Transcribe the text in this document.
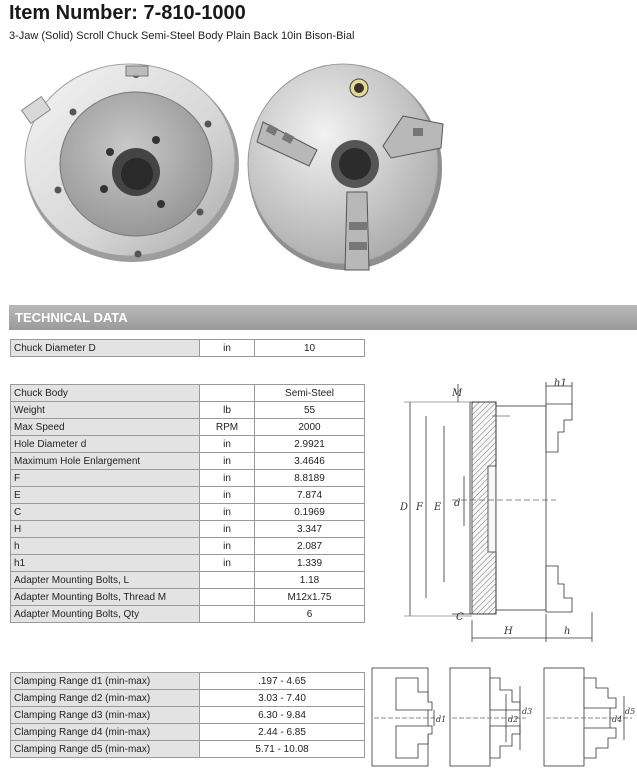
Item Number: 7-810-1000
3-Jaw (Solid) Scroll Chuck Semi-Steel Body Plain Back 10in Bison-Bial
TECHNICAL DATA
Chuck Diameter D	in	10
Chuck Body		Semi-Steel
Weight	lb	55
Max Speed	RPM	2000
Hole Diameter d	in	2.9921
Maximum Hole Enlargement	in	3.4646
F	in	8.8189
E	in	7.874
C	in	0.1969
H	in	3.347
h	in	2.087
h1	in	1.339
Adapter Mounting Bolts, L		1.18
Adapter Mounting Bolts, Thread M		M12x1.75
Adapter Mounting Bolts, Qty		6
Clamping Range d1 (min-max)	.197 - 4.65
Clamping Range d2 (min-max)	3.03 - 7.40
Clamping Range d3 (min-max)	6.30 - 9.84
Clamping Range d4 (min-max)	2.44 - 6.85
Clamping Range d5 (min-max)	5.71 - 10.08
M
h1
D F E d
C
H	h
d1	d2
d3
d4
d5
